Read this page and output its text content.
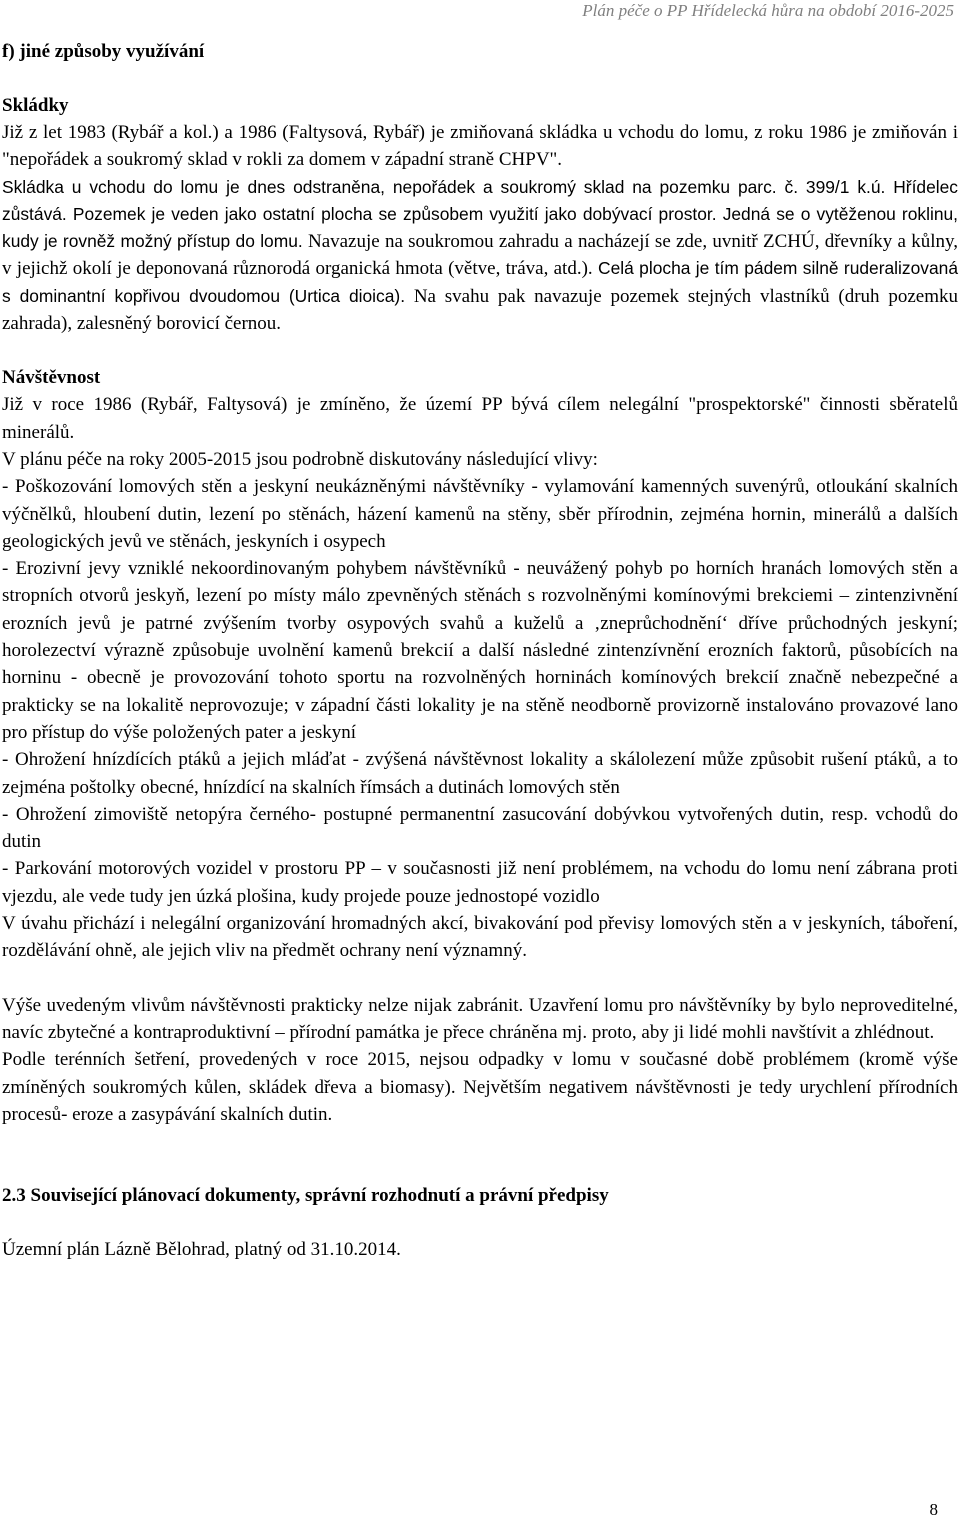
Plán péče o PP Hřídelecká hůra na období 2016-2025

f) jiné způsoby využívání

Skládky

Již z let 1983 (Rybář a kol.) a 1986 (Faltysová, Rybář) je zmiňovaná skládka u vchodu do lomu, z roku 1986 je zmiňován i "nepořádek a soukromý sklad v rokli za domem v západní straně CHPV".

Skládka u vchodu do lomu je dnes odstraněna, nepořádek a soukromý sklad na pozemku parc. č. 399/1 k.ú. Hřídelec zůstává. Pozemek je veden jako ostatní plocha se způsobem využití jako dobývací prostor. Jedná se o vytěženou roklinu, kudy je rovněž možný přístup do lomu. Navazuje na soukromou zahradu a nacházejí se zde, uvnitř ZCHÚ, dřevníky a kůlny, v jejichž okolí je deponovaná různorodá organická hmota (větve, tráva, atd.). Celá plocha je tím pádem silně ruderalizovaná s dominantní kopřivou dvoudomou (Urtica dioica). Na svahu pak navazuje pozemek stejných vlastníků (druh pozemku zahrada), zalesněný borovicí černou.

Návštěvnost

Již v roce 1986 (Rybář, Faltysová) je zmíněno, že území PP bývá cílem nelegální "prospektorské" činnosti sběratelů minerálů.

V plánu péče na roky 2005-2015 jsou podrobně diskutovány následující vlivy:

- Poškozování lomových stěn a jeskyní neukázněnými návštěvníky - vylamování kamenných suvenýrů, otloukání skalních výčnělků, hloubení dutin, lezení po stěnách, házení kamenů na stěny, sběr přírodnin, zejména hornin, minerálů a dalších geologických jevů ve stěnách, jeskyních i osypech

- Erozivní jevy vzniklé nekoordinovaným pohybem návštěvníků - neuvážený pohyb po horních hranách lomových stěn a stropních otvorů jeskyň, lezení po místy málo zpevněných stěnách s rozvolněnými komínovými brekciemi – zintenzivnění erozních jevů je patrné zvýšením tvorby osypových svahů a kuželů a ‚zneprůchodnění‘ dříve průchodných jeskyní; horolezectví výrazně způsobuje uvolnění kamenů brekcií a další následné zintenzívnění erozních faktorů, působících na horninu - obecně je provozování tohoto sportu na rozvolněných horninách komínových brekcií značně nebezpečné a prakticky se na lokalitě neprovozuje; v západní části lokality je na stěně neodborně provizorně instalováno provazové lano pro přístup do výše položených pater a jeskyní

- Ohrožení hnízdících ptáků a jejich mláďat - zvýšená návštěvnost lokality a skálolezení může způsobit rušení ptáků, a to zejména poštolky obecné, hnízdící na skalních římsách a dutinách lomových stěn

- Ohrožení zimoviště netopýra černého- postupné permanentní zasucování dobývkou vytvořených dutin, resp. vchodů do dutin

- Parkování motorových vozidel v prostoru PP – v současnosti již není problémem, na vchodu do lomu není zábrana proti vjezdu, ale vede tudy jen úzká plošina, kudy projede pouze jednostopé vozidlo

V úvahu přichází i nelegální organizování hromadných akcí, bivakování pod převisy lomových stěn a v jeskyních, táboření, rozdělávání ohně, ale jejich vliv na předmět ochrany není významný.

Výše uvedeným vlivům návštěvnosti prakticky nelze nijak zabránit. Uzavření lomu pro návštěvníky by bylo neproveditelné, navíc zbytečné a kontraproduktivní – přírodní památka je přece chráněna mj. proto, aby ji lidé mohli navštívit a zhlédnout.

Podle terénních šetření, provedených v roce 2015, nejsou odpadky v lomu v současné době problémem (kromě výše zmíněných soukromých kůlen, skládek dřeva a biomasy). Největším negativem návštěvnosti je tedy urychlení přírodních procesů- eroze a zasypávání skalních dutin.

2.3 Související plánovací dokumenty, správní rozhodnutí a právní předpisy

Územní plán Lázně Bělohrad, platný od 31.10.2014.

8
